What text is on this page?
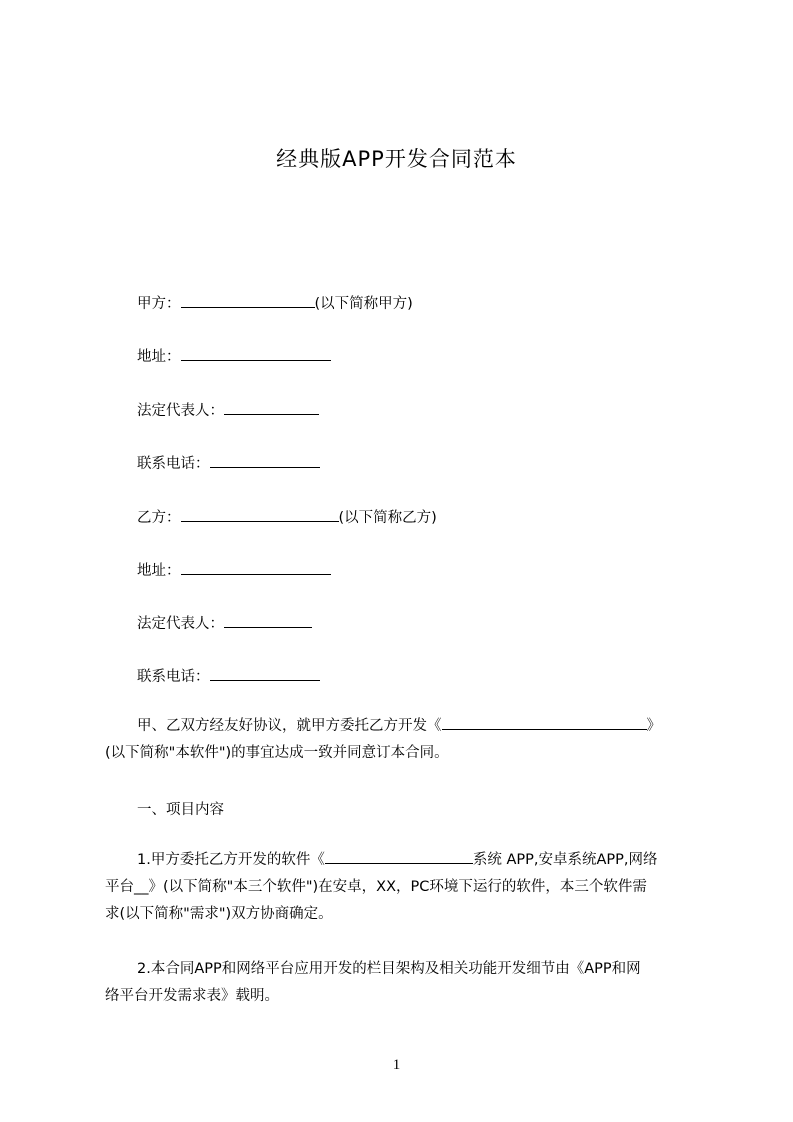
经典版APP开发合同范本
甲方：	(以下简称甲方)
地址：
法定代表人：
联系电话：
乙方：	(以下简称乙方)
地址：
法定代表人：
联系电话：
甲、乙双方经友好协议，就甲方委托乙方开发《	》
(以下简称"本软件")的事宜达成一致并同意订本合同。
一、项目内容
1.甲方委托乙方开发的软件《	系统 APP,安卓系统APP,网络
平台__》(以下简称"本三个软件")在安卓，XX，PC环境下运行的软件，本三个软件需
求(以下简称"需求")双方协商确定。
2.本合同APP和网络平台应用开发的栏目架构及相关功能开发细节由《APP和网
络平台开发需求表》载明。
1
